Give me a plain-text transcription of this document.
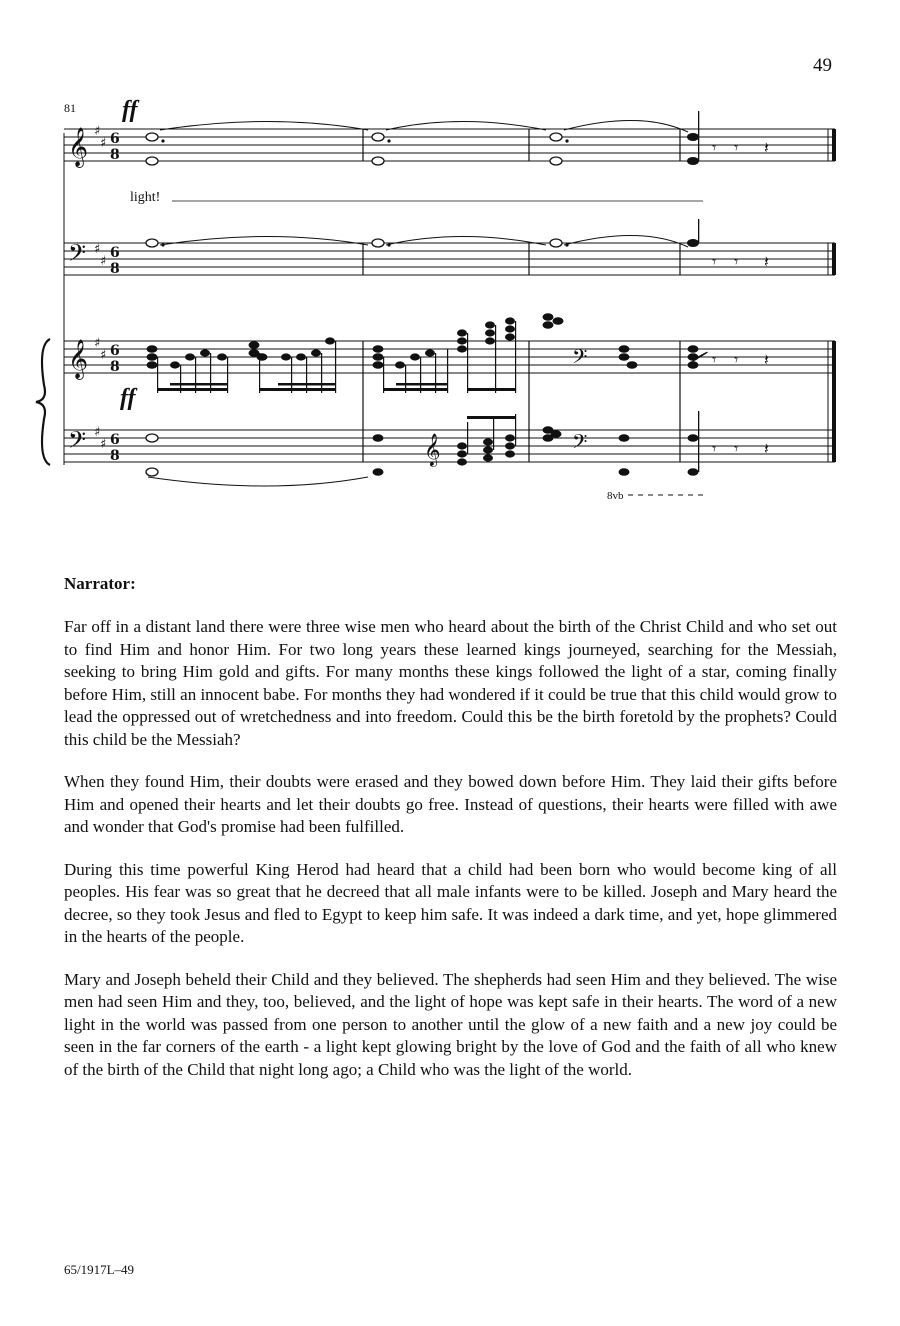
49
𝄞
𝄢
𝄞
𝄢
♯
♯
♯
♯
♯
♯
♯
♯
6
8
6
8
6
8
6
8
𝄾 𝄾 𝄽
𝄾 𝄾 𝄽
𝄾 𝄾 𝄽
𝄾 𝄾 𝄽
𝄞
𝄢
𝄢
81 ff
light!
ff
8vb
Narrator:

Far off in a distant land there were three wise men who heard about the birth of the Christ Child and who set out to find Him and honor Him. For two long years these learned kings journeyed, searching for the Messiah, seeking to bring Him gold and gifts. For many months these kings followed the light of a star, coming finally before Him, still an innocent babe. For months they had wondered if it could be true that this child would grow to lead the oppressed out of wretchedness and into freedom. Could this be the birth foretold by the prophets? Could this child be the Messiah?

When they found Him, their doubts were erased and they bowed down before Him. They laid their gifts before Him and opened their hearts and let their doubts go free. Instead of questions, their hearts were filled with awe and wonder that God's promise had been fulfilled.

During this time powerful King Herod had heard that a child had been born who would become king of all peoples. His fear was so great that he decreed that all male infants were to be killed. Joseph and Mary heard the decree, so they took Jesus and fled to Egypt to keep him safe. It was indeed a dark time, and yet, hope glimmered in the hearts of the people.

Mary and Joseph beheld their Child and they believed. The shepherds had seen Him and they believed. The wise men had seen Him and they, too, believed, and the light of hope was kept safe in their hearts. The word of a new light in the world was passed from one person to another until the glow of a new faith and a new joy could be seen in the far corners of the earth - a light kept glowing bright by the love of God and the faith of all who knew of the birth of the Child that night long ago; a Child who was the light of the world.

65/1917L–49
